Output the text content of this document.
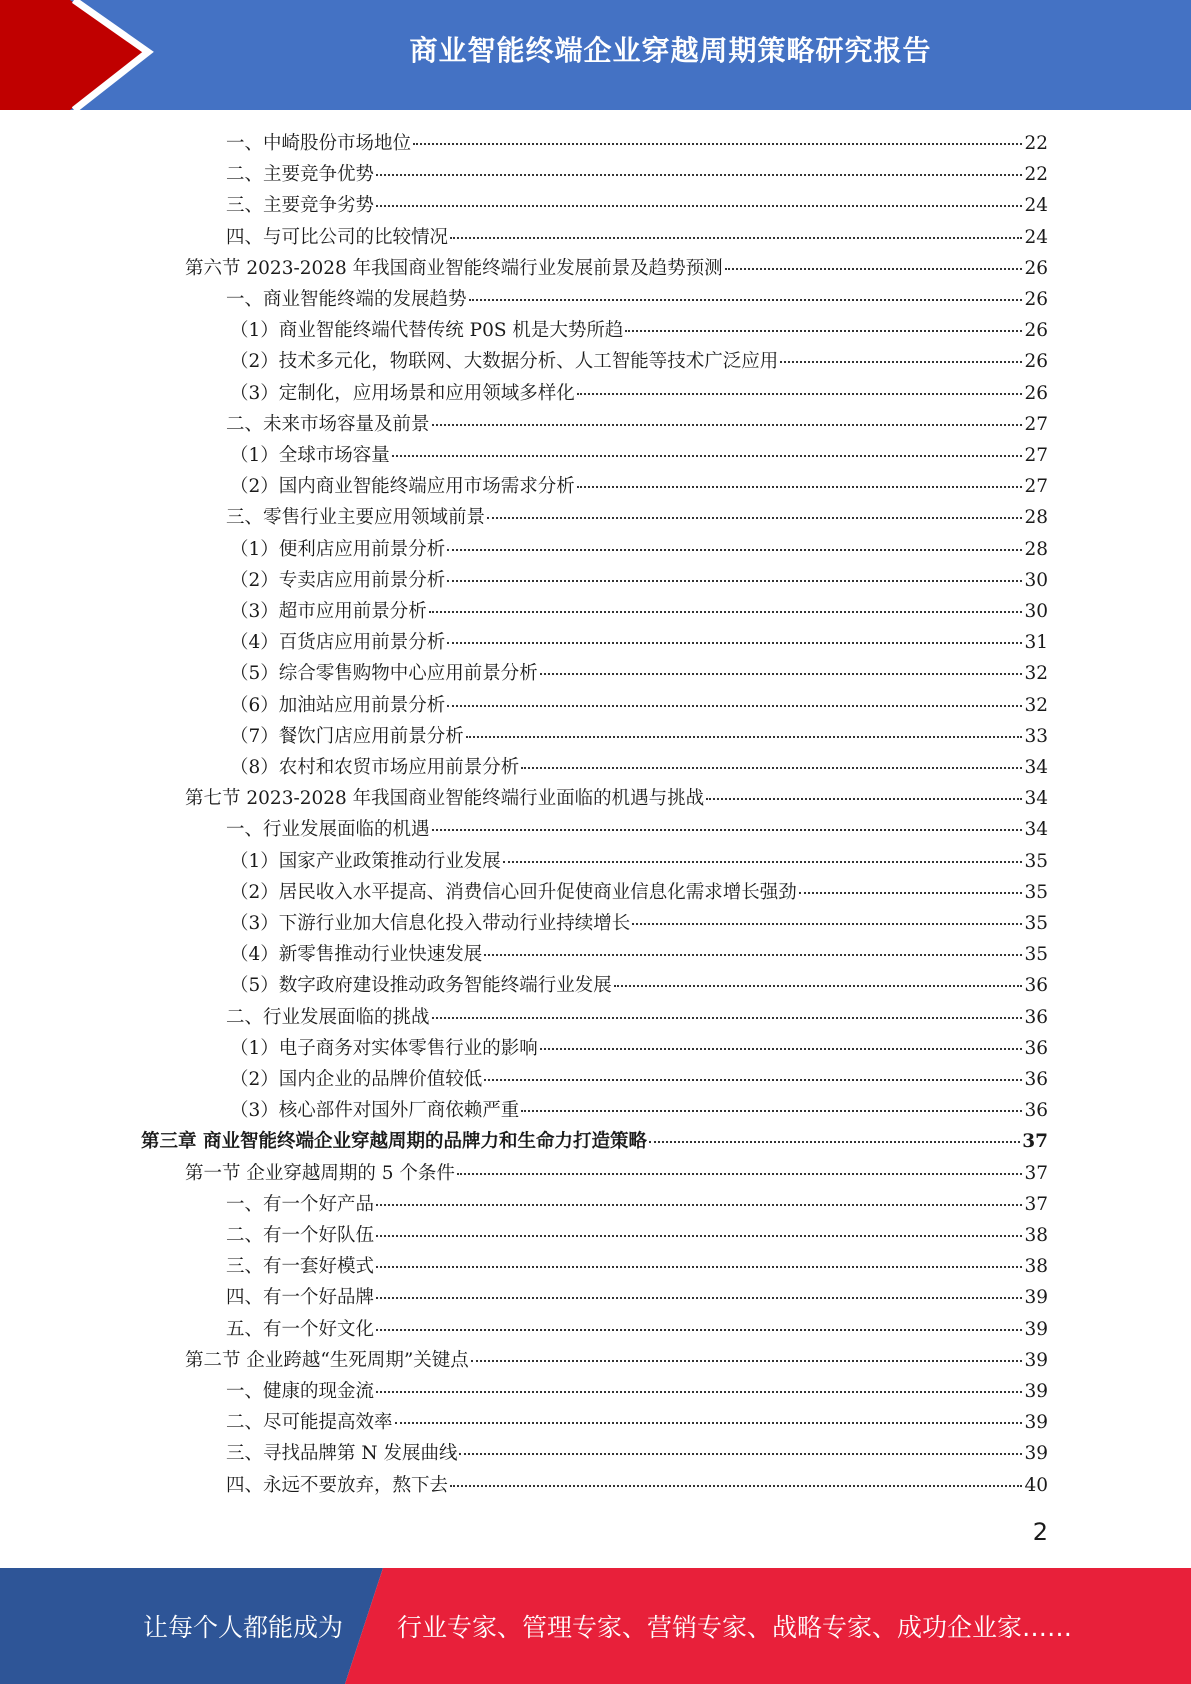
商业智能终端企业穿越周期策略研究报告
一、中崎股份市场地位	22
二、主要竞争优势	22
三、主要竞争劣势	24
四、与可比公司的比较情况	24
第六节 2023-2028 年我国商业智能终端行业发展前景及趋势预测	26
一、商业智能终端的发展趋势	26
（1）商业智能终端代替传统 P0S 机是大势所趋	26
（2）技术多元化，物联网、大数据分析、人工智能等技术广泛应用	26
（3）定制化，应用场景和应用领域多样化	26
二、未来市场容量及前景	27
（1）全球市场容量	27
（2）国内商业智能终端应用市场需求分析	27
三、零售行业主要应用领域前景	28
（1）便利店应用前景分析	28
（2）专卖店应用前景分析	30
（3）超市应用前景分析	30
（4）百货店应用前景分析	31
（5）综合零售购物中心应用前景分析	32
（6）加油站应用前景分析	32
（7）餐饮门店应用前景分析	33
（8）农村和农贸市场应用前景分析	34
第七节 2023-2028 年我国商业智能终端行业面临的机遇与挑战	34
一、行业发展面临的机遇	34
（1）国家产业政策推动行业发展	35
（2）居民收入水平提高、消费信心回升促使商业信息化需求增长强劲	35
（3）下游行业加大信息化投入带动行业持续增长	35
（4）新零售推动行业快速发展	35
（5）数字政府建设推动政务智能终端行业发展	36
二、行业发展面临的挑战	36
（1）电子商务对实体零售行业的影响	36
（2）国内企业的品牌价值较低	36
（3）核心部件对国外厂商依赖严重	36
第三章 商业智能终端企业穿越周期的品牌力和生命力打造策略	37
第一节 企业穿越周期的 5 个条件	37
一、有一个好产品	37
二、有一个好队伍	38
三、有一套好模式	38
四、有一个好品牌	39
五、有一个好文化	39
第二节 企业跨越“生死周期”关键点	39
一、健康的现金流	39
二、尽可能提高效率	39
三、寻找品牌第 N 发展曲线	39
四、永远不要放弃，熬下去	40
2
让每个人都能成为 行业专家、管理专家、营销专家、战略专家、成功企业家……
